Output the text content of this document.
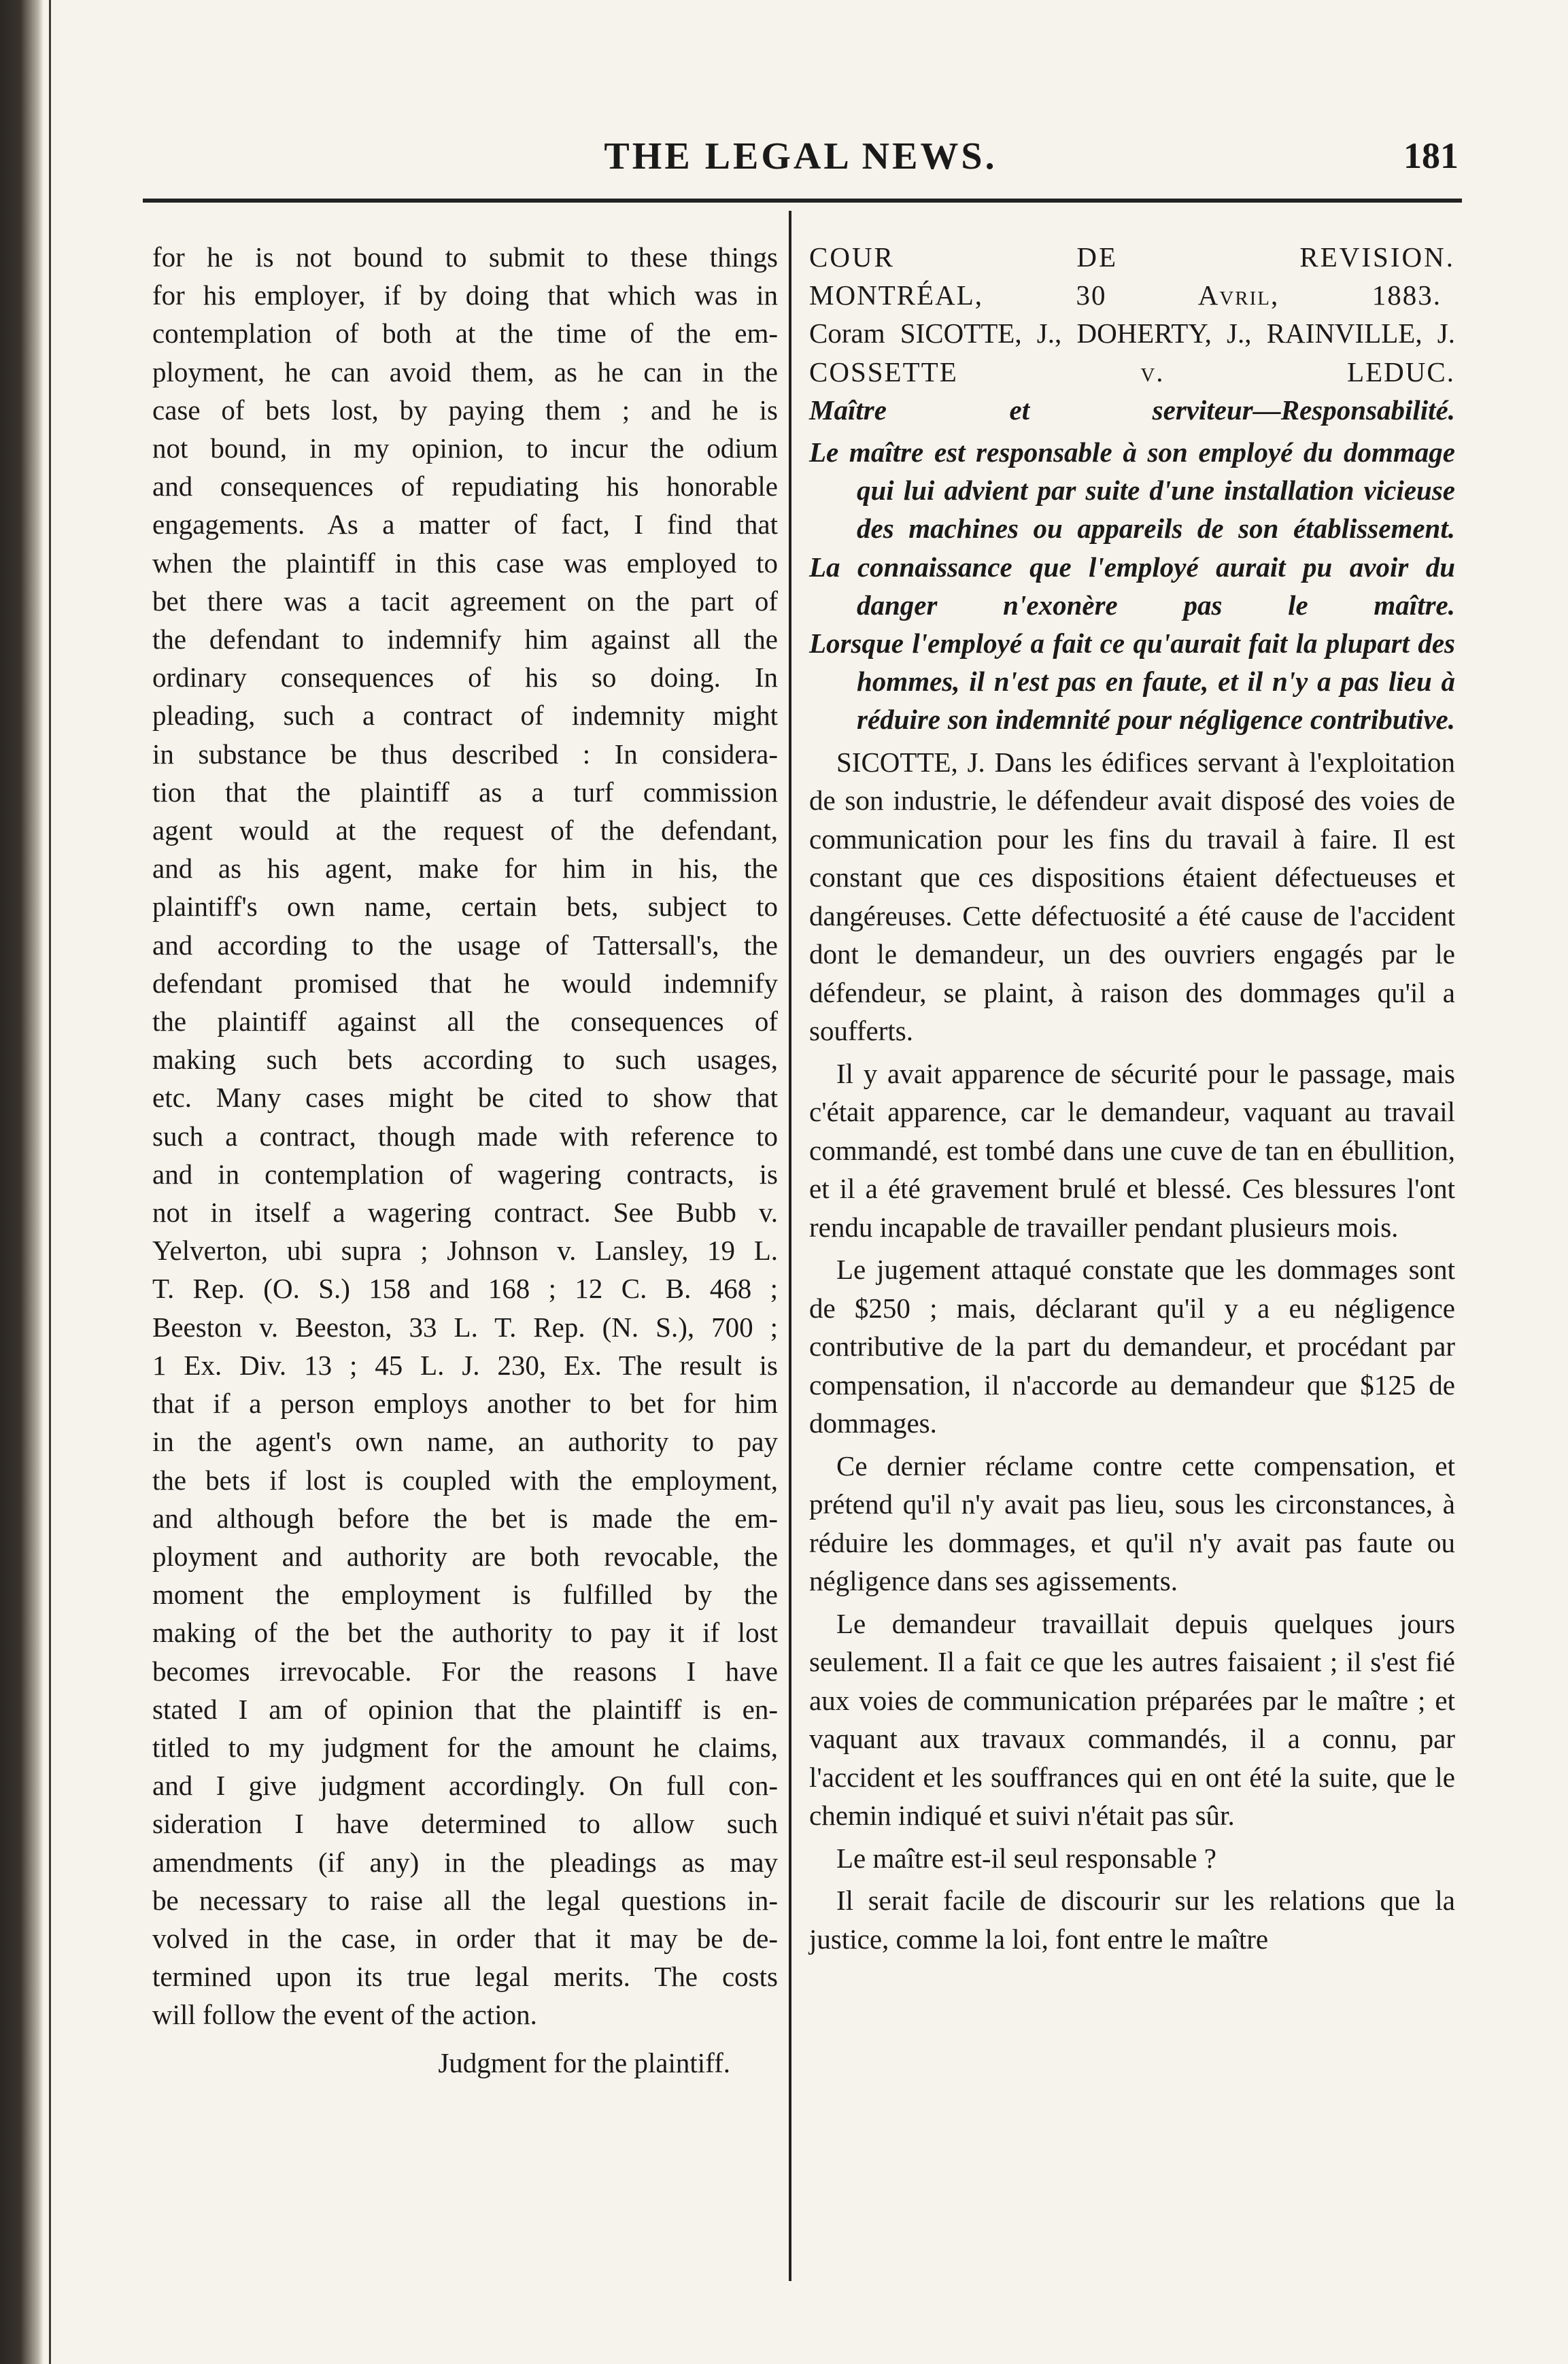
THE LEGAL NEWS.	181

for he is not bound to submit to these things

for his employer, if by doing that which was in

contemplation of both at the time of the em-

ployment, he can avoid them, as he can in the

case of bets lost, by paying them ; and he is

not bound, in my opinion, to incur the odium

and consequences of repudiating his honorable

engagements. As a matter of fact, I find that

when the plaintiff in this case was employed to

bet there was a tacit agreement on the part of

the defendant to indemnify him against all the

ordinary consequences of his so doing. In

pleading, such a contract of indemnity might

in substance be thus described : In considera-

tion that the plaintiff as a turf commission

agent would at the request of the defendant,

and as his agent, make for him in his, the

plaintiff's own name, certain bets, subject to

and according to the usage of Tattersall's, the

defendant promised that he would indemnify

the plaintiff against all the consequences of

making such bets according to such usages,

etc. Many cases might be cited to show that

such a contract, though made with reference to

and in contemplation of wagering contracts, is

not in itself a wagering contract. See Bubb v.

Yelverton, ubi supra ; Johnson v. Lansley, 19 L.

T. Rep. (O. S.) 158 and 168 ; 12 C. B. 468 ;

Beeston v. Beeston, 33 L. T. Rep. (N. S.), 700 ;

1 Ex. Div. 13 ; 45 L. J. 230, Ex. The result is

that if a person employs another to bet for him

in the agent's own name, an authority to pay

the bets if lost is coupled with the employment,

and although before the bet is made the em-

ployment and authority are both revocable, the

moment the employment is fulfilled by the

making of the bet the authority to pay it if lost

becomes irrevocable. For the reasons I have

stated I am of opinion that the plaintiff is en-

titled to my judgment for the amount he claims,

and I give judgment accordingly. On full con-

sideration I have determined to allow such

amendments (if any) in the pleadings as may

be necessary to raise all the legal questions in-

volved in the case, in order that it may be de-

termined upon its true legal merits. The costs

will follow the event of the action.

Judgment for the plaintiff.

COUR DE REVISION.

MONTRÉAL, 30 Avril, 1883.

Coram SICOTTE, J., DOHERTY, J., RAINVILLE, J.

COSSETTE v. LEDUC.

Maître et serviteur—Responsabilité.

Le maître est responsable à son employé du dommage qui lui advient par suite d'une installation vicieuse des machines ou appareils de son établissement.

La connaissance que l'employé aurait pu avoir du danger n'exonère pas le maître.

Lorsque l'employé a fait ce qu'aurait fait la plupart des hommes, il n'est pas en faute, et il n'y a pas lieu à réduire son indemnité pour négligence contributive.

SICOTTE, J. Dans les édifices servant à l'exploitation de son industrie, le défendeur avait disposé des voies de communication pour les fins du travail à faire. Il est constant que ces dispositions étaient défectueuses et dangéreuses. Cette défectuosité a été cause de l'accident dont le demandeur, un des ouvriers engagés par le défendeur, se plaint, à raison des dommages qu'il a soufferts.

Il y avait apparence de sécurité pour le passage, mais c'était apparence, car le demandeur, vaquant au travail commandé, est tombé dans une cuve de tan en ébullition, et il a été gravement brulé et blessé. Ces blessures l'ont rendu incapable de travailler pendant plusieurs mois.

Le jugement attaqué constate que les dommages sont de $250 ; mais, déclarant qu'il y a eu négligence contributive de la part du demandeur, et procédant par compensation, il n'accorde au demandeur que $125 de dommages.

Ce dernier réclame contre cette compensation, et prétend qu'il n'y avait pas lieu, sous les circonstances, à réduire les dommages, et qu'il n'y avait pas faute ou négligence dans ses agissements.

Le demandeur travaillait depuis quelques jours seulement. Il a fait ce que les autres faisaient ; il s'est fié aux voies de communication préparées par le maître ; et vaquant aux travaux commandés, il a connu, par l'accident et les souffrances qui en ont été la suite, que le chemin indiqué et suivi n'était pas sûr.

Le maître est-il seul responsable ?

Il serait facile de discourir sur les relations que la justice, comme la loi, font entre le maître
